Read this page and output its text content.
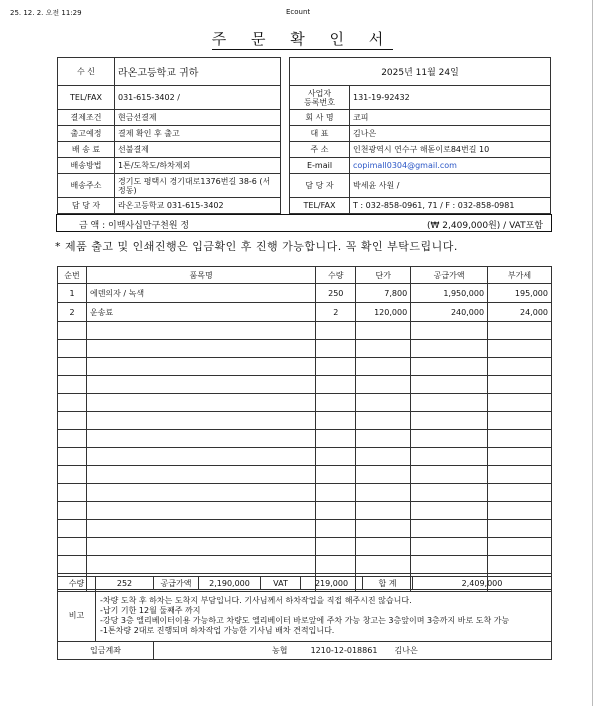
25. 12. 2. 오전 11:29	Ecount
주 문 확 인 서
수 신	라온고등학교 귀하
TEL/FAX	031-615-3402 /
결제조건	현금선결제
출고예정	결제 확인 후 출고
배 송 료	선불결제
배송방법	1톤/도착도/하차제외
배송주소	경기도 평택시 경기대로1376번길 38-6 (서정동)
담 당 자	라온고등학교 031-615-3402
2025년 11월 24일	
사업자
등록번호	131-19-92432
회 사 명	코피
대 표	김나은
주 소	인천광역시 연수구 해돋이로84번길 10
E-mail	copimall0304@gmail.com
담 당 자	박세윤 사원 /
TEL/FAX	T : 032-858-0961, 71 / F : 032-858-0981
금 액 : 이백사십만구천원 정	(₩ 2,409,000원) / VAT포함
* 제품 출고 및 인쇄진행은 입금확인 후 진행 가능합니다. 꼭 확인 부탁드립니다.
순번	품목명	수량	단가	공급가액	부가세
1	에덴의자 / 녹색	250	7,800	1,950,000	195,000
2	운송료	2	120,000	240,000	24,000

수량	252	공급가액	2,190,000	VAT	219,000	합 계	2,409,000
비고	-차량 도착 후 하차는 도착지 부담입니다. 기사님께서 하차작업을 직접 해주시진 않습니다.
-납기 기한 12월 둘째주 까지
-강당 3층 엘리베이터이용 가능하고 차량도 엘리베이터 바로앞에 주차 가능 창고는 3층앞이며 3층까지 바로 도착 가능
-1톤차량 2대로 진행되며 하차작업 가능한 기사님 배차 견적입니다.						

입금계좌		농협 1210-12-018861 김나은					
